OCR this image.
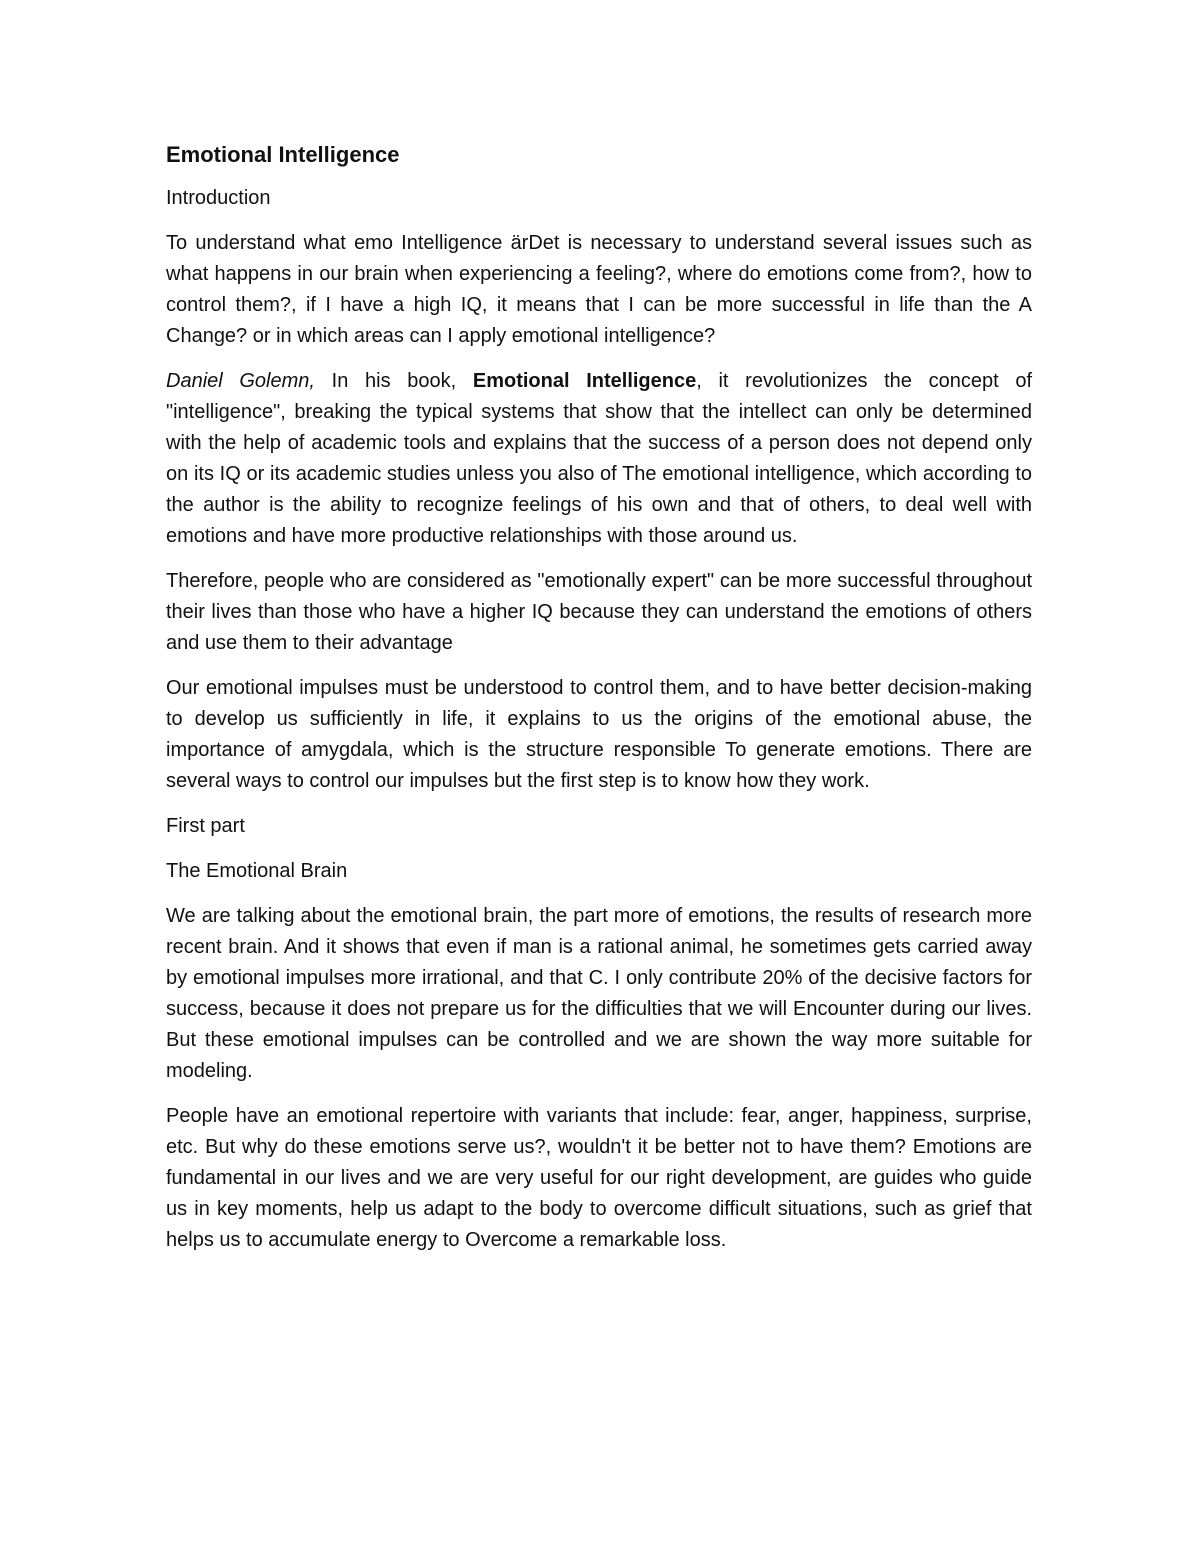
Emotional Intelligence
Introduction

To understand what emo Intelligence ärDet is necessary to understand several issues such as what happens in our brain when experiencing a feeling?, where do emotions come from?, how to control them?, if I have a high IQ, it means that I can be more successful in life than the A Change? or in which areas can I apply emotional intelligence?

Daniel Golemn, In his book, Emotional Intelligence, it revolutionizes the concept of "intelligence", breaking the typical systems that show that the intellect can only be determined with the help of academic tools and explains that the success of a person does not depend only on its IQ or its academic studies unless you also of The emotional intelligence, which according to the author is the ability to recognize feelings of his own and that of others, to deal well with emotions and have more productive relationships with those around us.

Therefore, people who are considered as "emotionally expert" can be more successful throughout their lives than those who have a higher IQ because they can understand the emotions of others and use them to their advantage

Our emotional impulses must be understood to control them, and to have better decision-making to develop us sufficiently in life, it explains to us the origins of the emotional abuse, the importance of amygdala, which is the structure responsible To generate emotions. There are several ways to control our impulses but the first step is to know how they work.

First part
The Emotional Brain

We are talking about the emotional brain, the part more of emotions, the results of research more recent brain. And it shows that even if man is a rational animal, he sometimes gets carried away by emotional impulses more irrational, and that C. I only contribute 20% of the decisive factors for success, because it does not prepare us for the difficulties that we will Encounter during our lives. But these emotional impulses can be controlled and we are shown the way more suitable for modeling.

People have an emotional repertoire with variants that include: fear, anger, happiness, surprise, etc. But why do these emotions serve us?, wouldn't it be better not to have them? Emotions are fundamental in our lives and we are very useful for our right development, are guides who guide us in key moments, help us adapt to the body to overcome difficult situations, such as grief that helps us to accumulate energy to Overcome a remarkable loss.
